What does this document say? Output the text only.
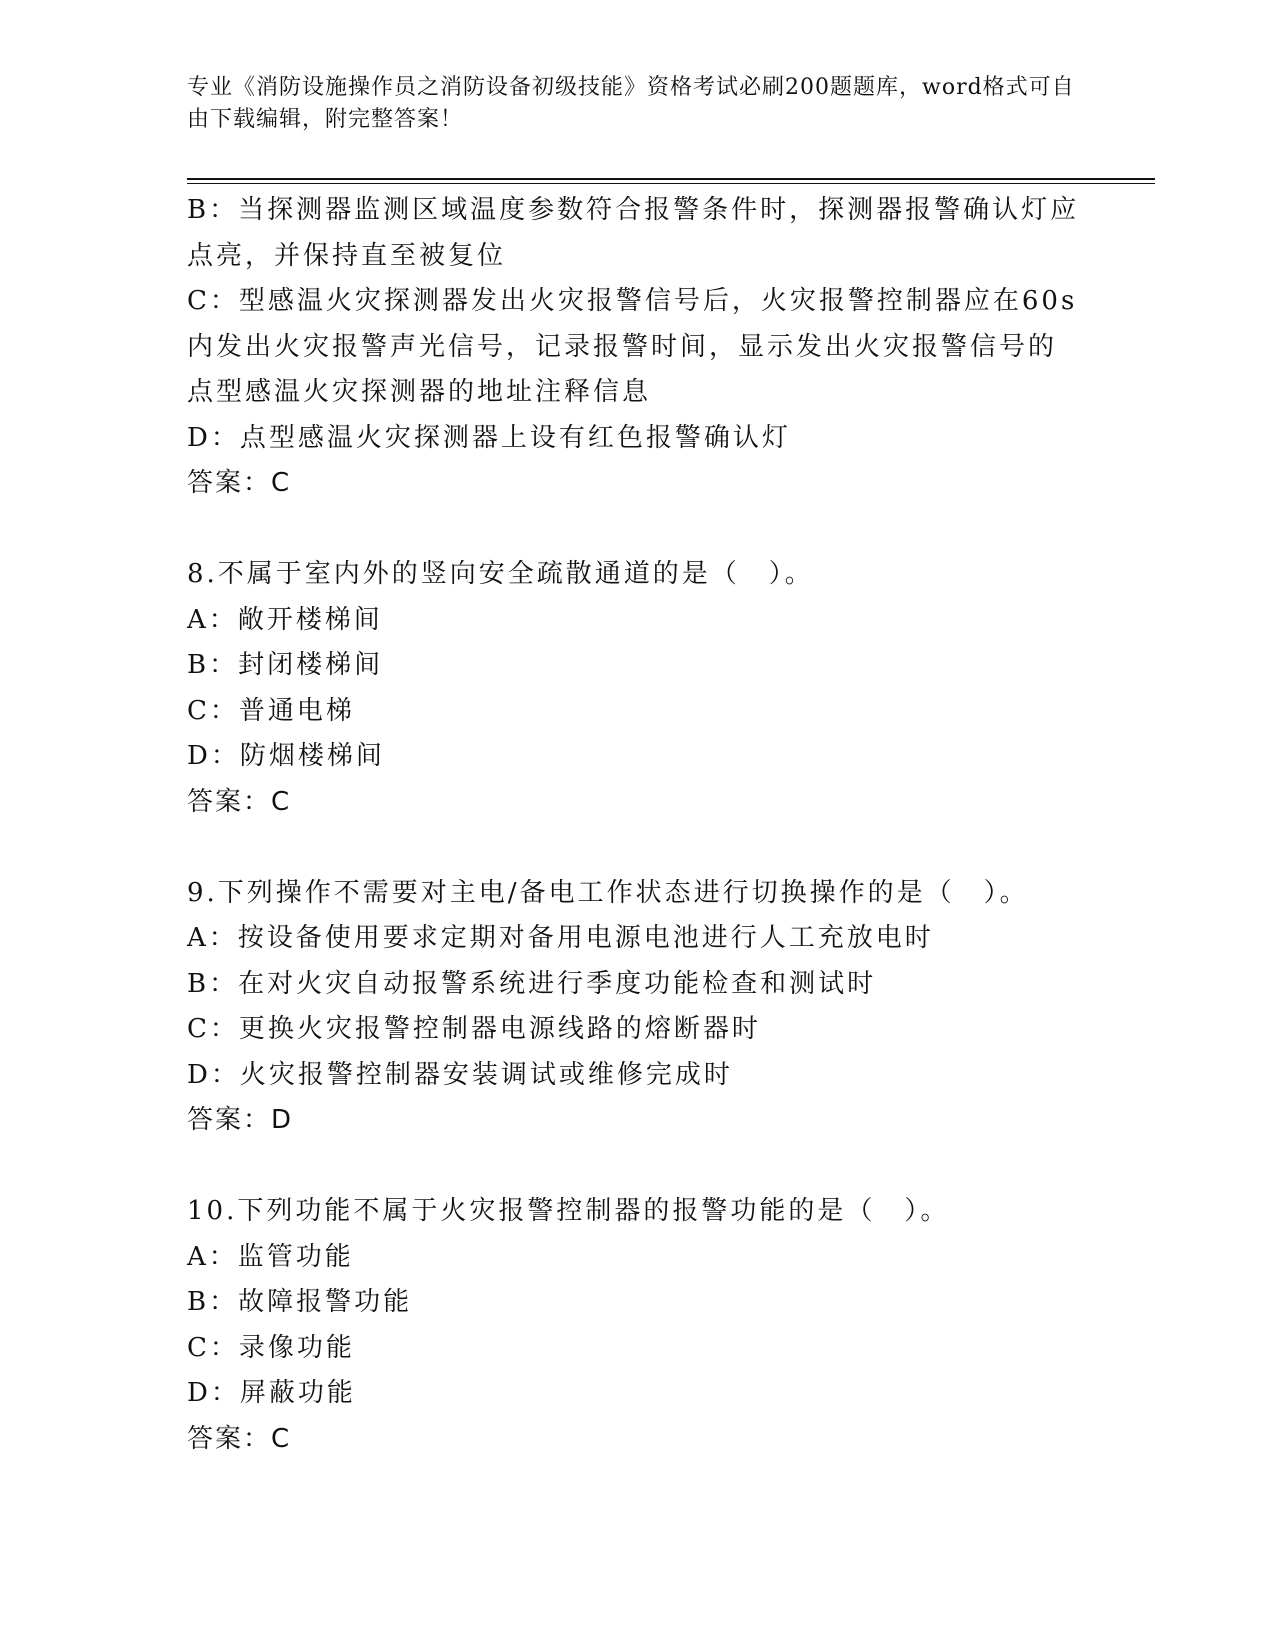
专业《消防设施操作员之消防设备初级技能》资格考试必刷200题题库，word格式可自由下载编辑，附完整答案！
B：当探测器监测区域温度参数符合报警条件时，探测器报警确认灯应
点亮，并保持直至被复位
C：型感温火灾探测器发出火灾报警信号后，火灾报警控制器应在60s
内发出火灾报警声光信号，记录报警时间，显示发出火灾报警信号的
点型感温火灾探测器的地址注释信息
D：点型感温火灾探测器上设有红色报警确认灯
答案：C
8.不属于室内外的竖向安全疏散通道的是（　）。
A：敞开楼梯间
B：封闭楼梯间
C：普通电梯
D：防烟楼梯间
答案：C
9.下列操作不需要对主电/备电工作状态进行切换操作的是（　）。
A：按设备使用要求定期对备用电源电池进行人工充放电时
B：在对火灾自动报警系统进行季度功能检查和测试时
C：更换火灾报警控制器电源线路的熔断器时
D：火灾报警控制器安装调试或维修完成时
答案：D
10.下列功能不属于火灾报警控制器的报警功能的是（　）。
A：监管功能
B：故障报警功能
C：录像功能
D：屏蔽功能
答案：C
